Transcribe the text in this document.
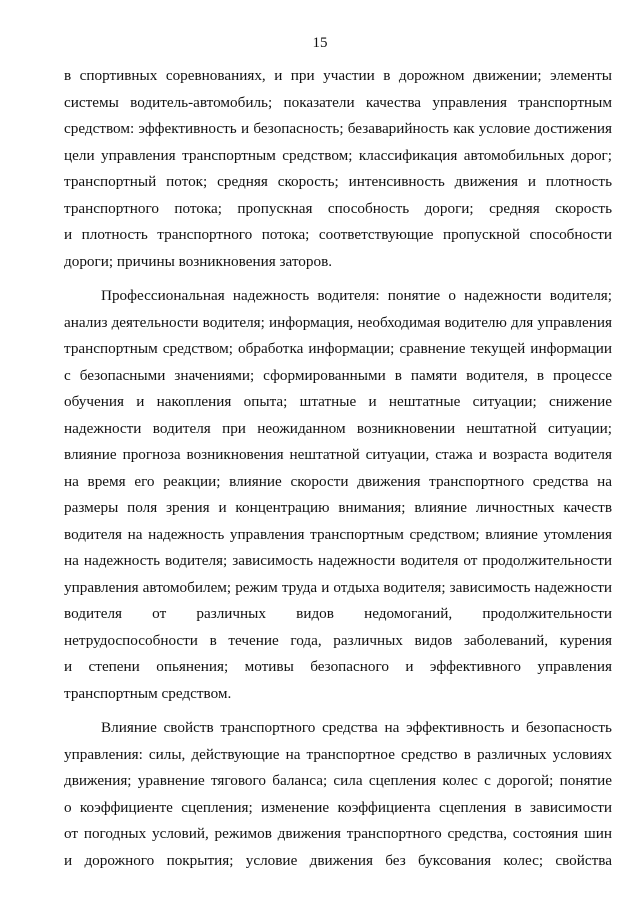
15
в спортивных соревнованиях, и при участии в дорожном движении; элементы
системы водитель-автомобиль; показатели качества управления транспортным
средством: эффективность и безопасность; безаварийность как условие достижения
цели управления транспортным средством; классификация автомобильных дорог;
транспортный поток; средняя скорость; интенсивность движения и плотность
транспортного потока; пропускная способность дороги; средняя скорость
и плотность транспортного потока; соответствующие пропускной способности
дороги; причины возникновения заторов.
Профессиональная надежность водителя: понятие о надежности водителя;
анализ деятельности водителя; информация, необходимая водителю для управления
транспортным средством; обработка информации; сравнение текущей информации
с безопасными значениями; сформированными в памяти водителя, в процессе
обучения и накопления опыта; штатные и нештатные ситуации; снижение
надежности водителя при неожиданном возникновении нештатной ситуации;
влияние прогноза возникновения нештатной ситуации, стажа и возраста водителя
на время его реакции; влияние скорости движения транспортного средства на
размеры поля зрения и концентрацию внимания; влияние личностных качеств
водителя на надежность управления транспортным средством; влияние утомления
на надежность водителя; зависимость надежности водителя от продолжительности
управления автомобилем; режим труда и отдыха водителя; зависимость надежности
водителя от различных видов недомоганий, продолжительности
нетрудоспособности в течение года, различных видов заболеваний, курения
и степени опьянения; мотивы безопасного и эффективного управления
транспортным средством.
Влияние свойств транспортного средства на эффективность и безопасность
управления: силы, действующие на транспортное средство в различных условиях
движения; уравнение тягового баланса; сила сцепления колес с дорогой; понятие
о коэффициенте сцепления; изменение коэффициента сцепления в зависимости
от погодных условий, режимов движения транспортного средства, состояния шин
и дорожного покрытия; условие движения без буксования колес; свойства
